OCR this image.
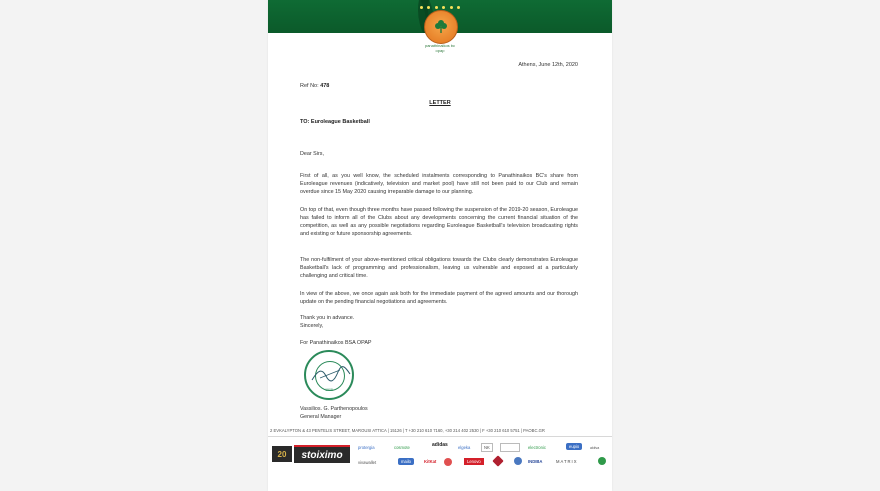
panathinaikos bc
opap
Athens, June 12th, 2020
Ref No: 478
LETTER
TO: Euroleague Basketball
Dear Sirs,
First of all, as you well know, the scheduled instalments corresponding to Panathinaikos BC's share from Euroleague revenues (indicatively, television and market pool) have still not been paid to our Club and remain overdue since 15 May 2020 causing irreparable damage to our planning.
On top of that, even though three months have passed following the suspension of the 2019-20 season, Euroleague has failed to inform all of the Clubs about any developments concerning the current financial situation of the competition, as well as any possible negotiations regarding Euroleague Basketball's television broadcasting rights and existing or future sponsorship agreements.
The non-fulfilment of your above-mentioned critical obligations towards the Clubs clearly demonstrates Euroleague Basketball's lack of programming and professionalism, leaving us vulnerable and exposed at a particularly challenging and critical time.
In view of the above, we once again ask both for the immediate payment of the agreed amounts and our thorough update on the pending financial negotiations and agreements.
Thank you in advance.
Sincerely,
For Panathinaikos BSA OPAP
1908
Vassilios. G. Parthenopoulos
General Manager
2 EVKALYPTON & 43 PENTELIS STREET, MAROUSI ATTICA | 15126 | T +30 210 610 7160, +30 214 402 2530 | F +30 210 610 5751 | PAOBC.GR
20	stoiximo
protergia	cosmote	adidas elgeka	NK	electronic	eupio	aktiva
vivawallet	mailo	KitKat	Lenovo	INDIBA	MATRIX
